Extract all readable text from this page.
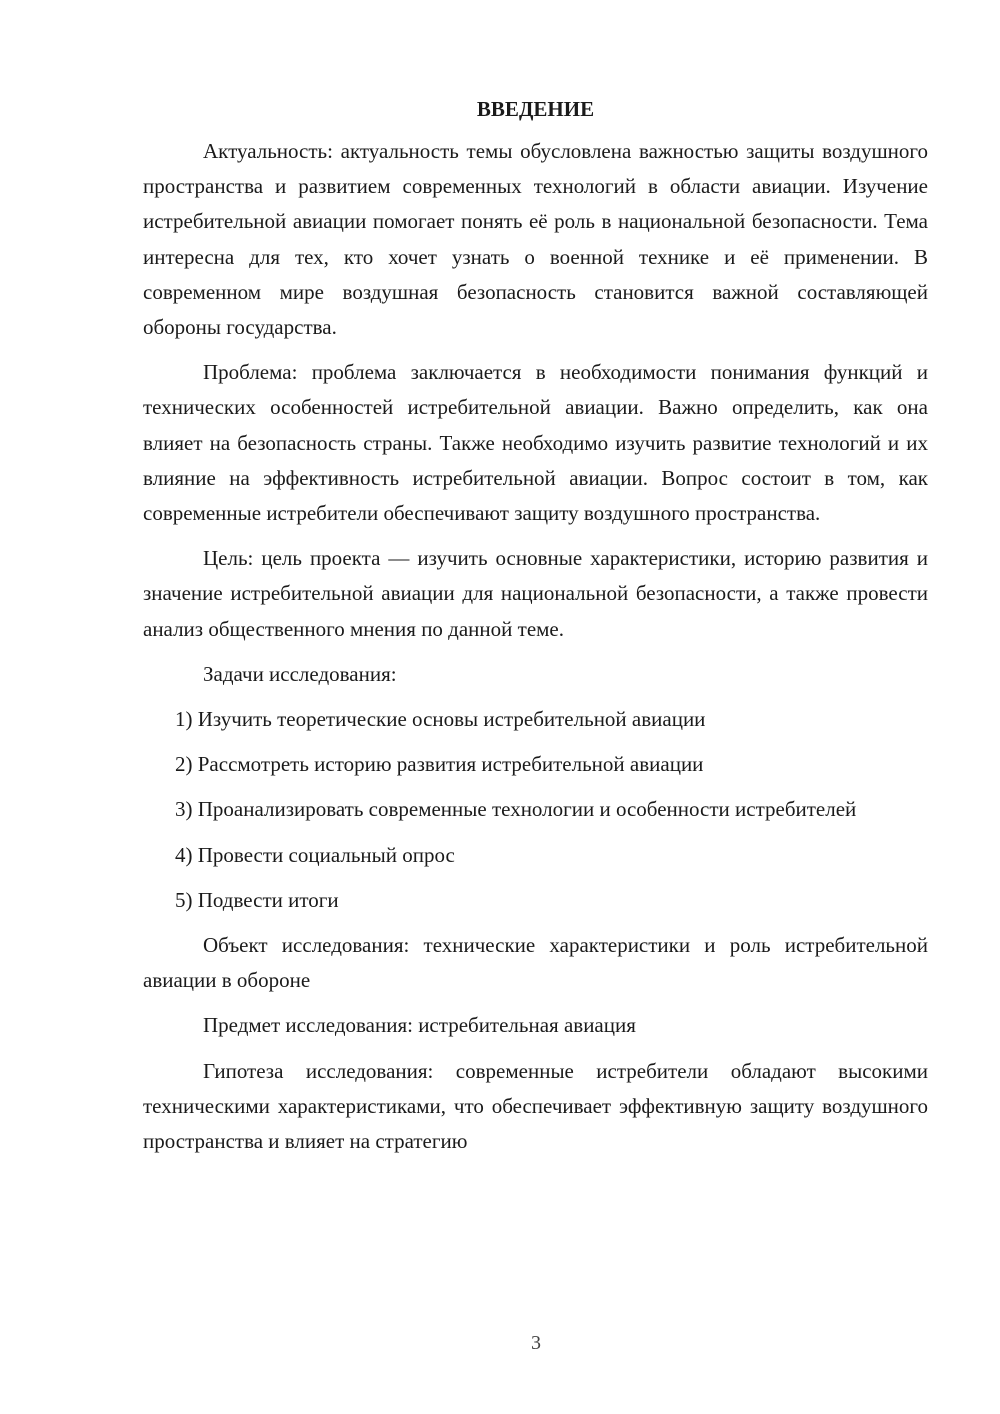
ВВЕДЕНИЕ

Актуальность: актуальность темы обусловлена важностью защиты воздушного пространства и развитием современных технологий в области авиации. Изучение истребительной авиации помогает понять её роль в национальной безопасности. Тема интересна для тех, кто хочет узнать о военной технике и её применении. В современном мире воздушная безопасность становится важной составляющей обороны государства.

Проблема: проблема заключается в необходимости понимания функций и технических особенностей истребительной авиации. Важно определить, как она влияет на безопасность страны. Также необходимо изучить развитие технологий и их влияние на эффективность истребительной авиации. Вопрос состоит в том, как современные истребители обеспечивают защиту воздушного пространства.

Цель: цель проекта — изучить основные характеристики, историю развития и значение истребительной авиации для национальной безопасности, а также провести анализ общественного мнения по данной теме.

Задачи исследования:

1) Изучить теоретические основы истребительной авиации

2) Рассмотреть историю развития истребительной авиации

3) Проанализировать современные технологии и особенности истребителей

4) Провести социальный опрос

5) Подвести итоги

Объект исследования: технические характеристики и роль истребительной авиации в обороне

Предмет исследования: истребительная авиация

Гипотеза исследования: современные истребители обладают высокими техническими характеристиками, что обеспечивает эффективную защиту воздушного пространства и влияет на стратегию

3
